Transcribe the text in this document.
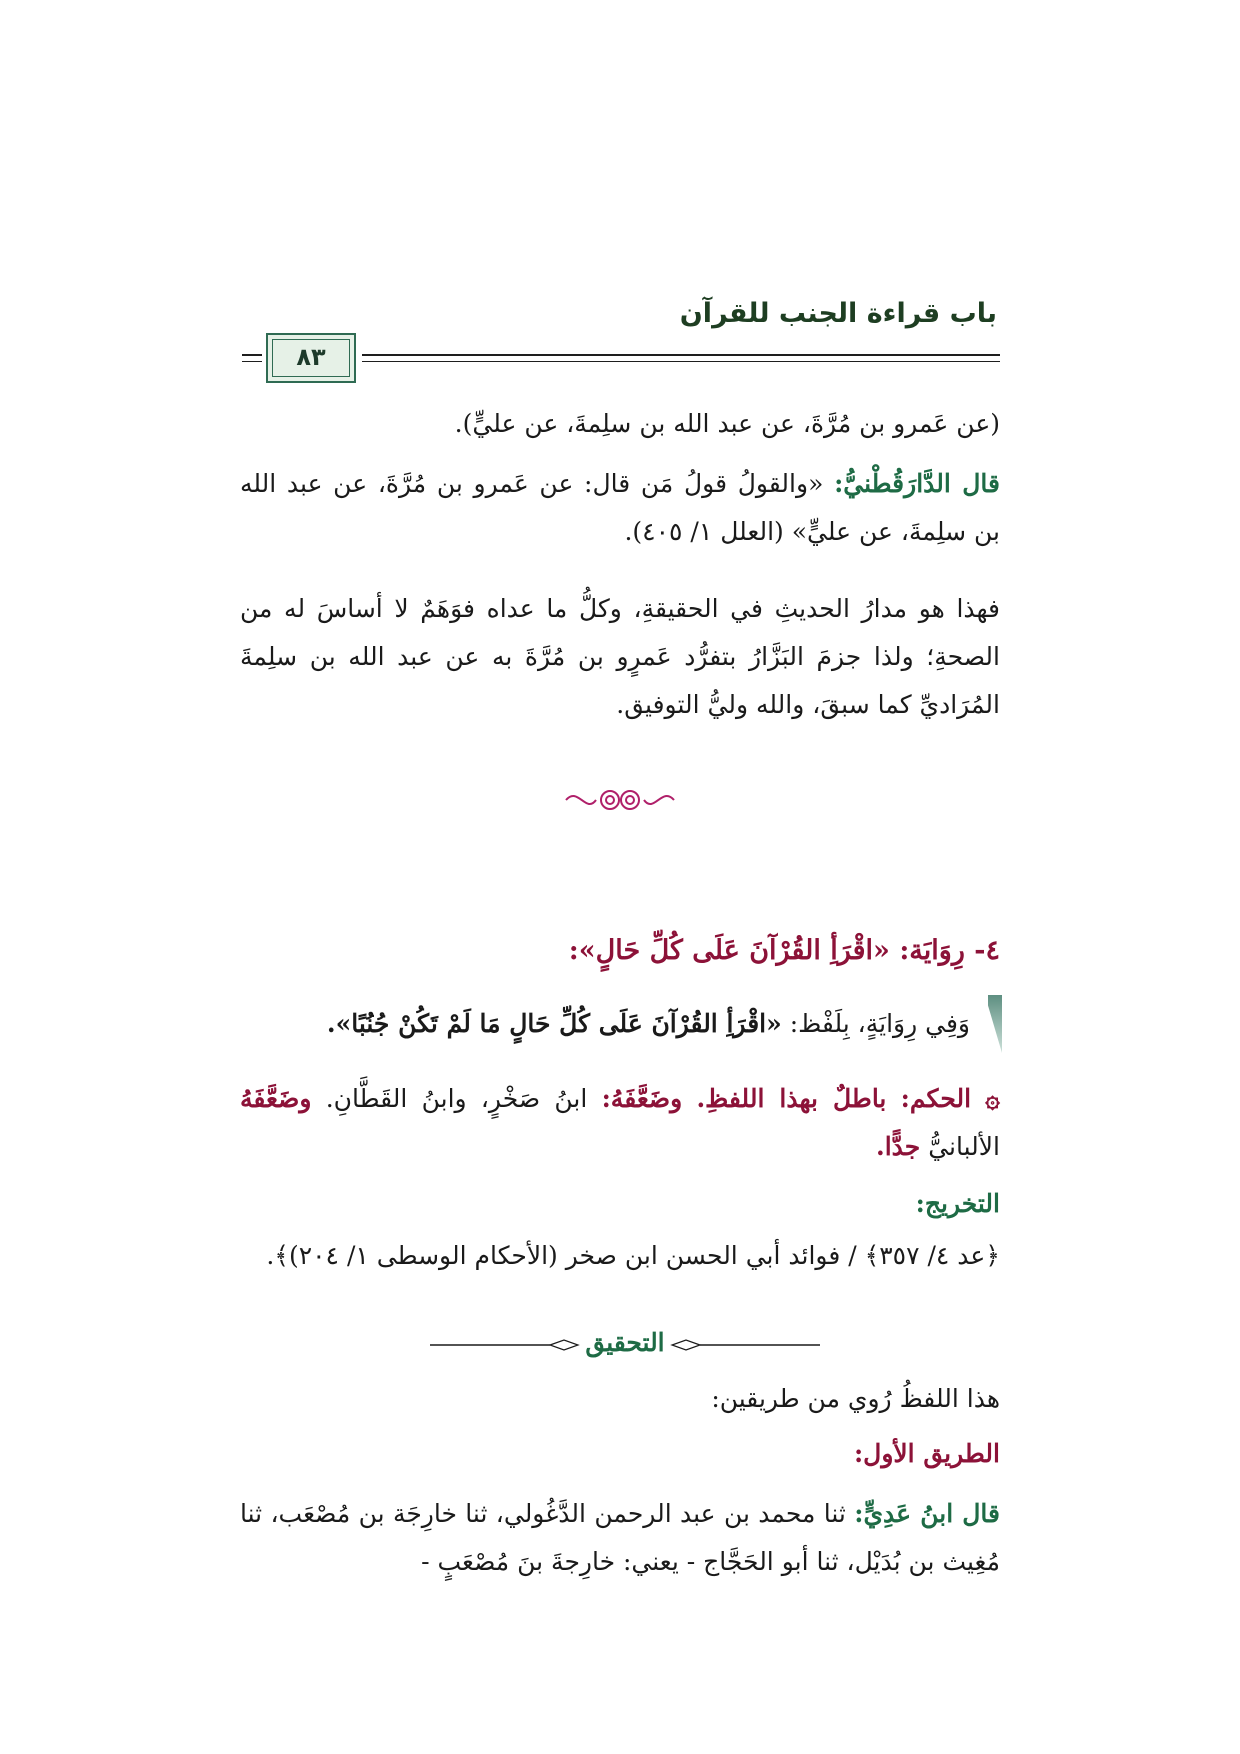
باب قراءة الجنب للقرآن
٨٣
(عن عَمرو بن مُرَّةَ، عن عبد الله بن سلِمةَ، عن عليٍّ).
قال الدَّارَقُطْنيُّ: «والقولُ قولُ مَن قال: عن عَمرو بن مُرَّةَ، عن عبد الله بن سلِمةَ، عن عليٍّ» (العلل ١/ ٤٠٥).
فهذا هو مدارُ الحديثِ في الحقيقةِ، وكلُّ ما عداه فوَهَمٌ لا أساسَ له من الصحةِ؛ ولذا جزمَ البَزَّارُ بتفرُّد عَمرٍو بن مُرَّةَ به عن عبد الله بن سلِمةَ المُرَاديِّ كما سبقَ، والله وليُّ التوفيق.
٤- رِوَايَة: «اقْرَأِ القُرْآنَ عَلَى كُلِّ حَالٍ»:
وَفِي رِوَايَةٍ، بِلَفْظ: «اقْرَأِ القُرْآنَ عَلَى كُلِّ حَالٍ مَا لَمْ تَكُنْ جُنُبًا».
۞ الحكم: باطلٌ بهذا اللفظِ. وضَعَّفَهُ: ابنُ صَخْرٍ، وابنُ القَطَّانِ. وضَعَّفَهُ الألبانيُّ جدًّا.
التخريج:
﴿عد ٤/ ٣٥٧﴾ / فوائد أبي الحسن ابن صخر (الأحكام الوسطى ١/ ٢٠٤)﴾.
التحقيق
هذا اللفظُ رُوي من طريقين:
الطريق الأول:
قال ابنُ عَدِيٍّ: ثنا محمد بن عبد الرحمن الدَّغُولي، ثنا خارِجَة بن مُصْعَب، ثنا مُغِيث بن بُدَيْل، ثنا أبو الحَجَّاج - يعني: خارِجةَ بنَ مُصْعَبٍ -
